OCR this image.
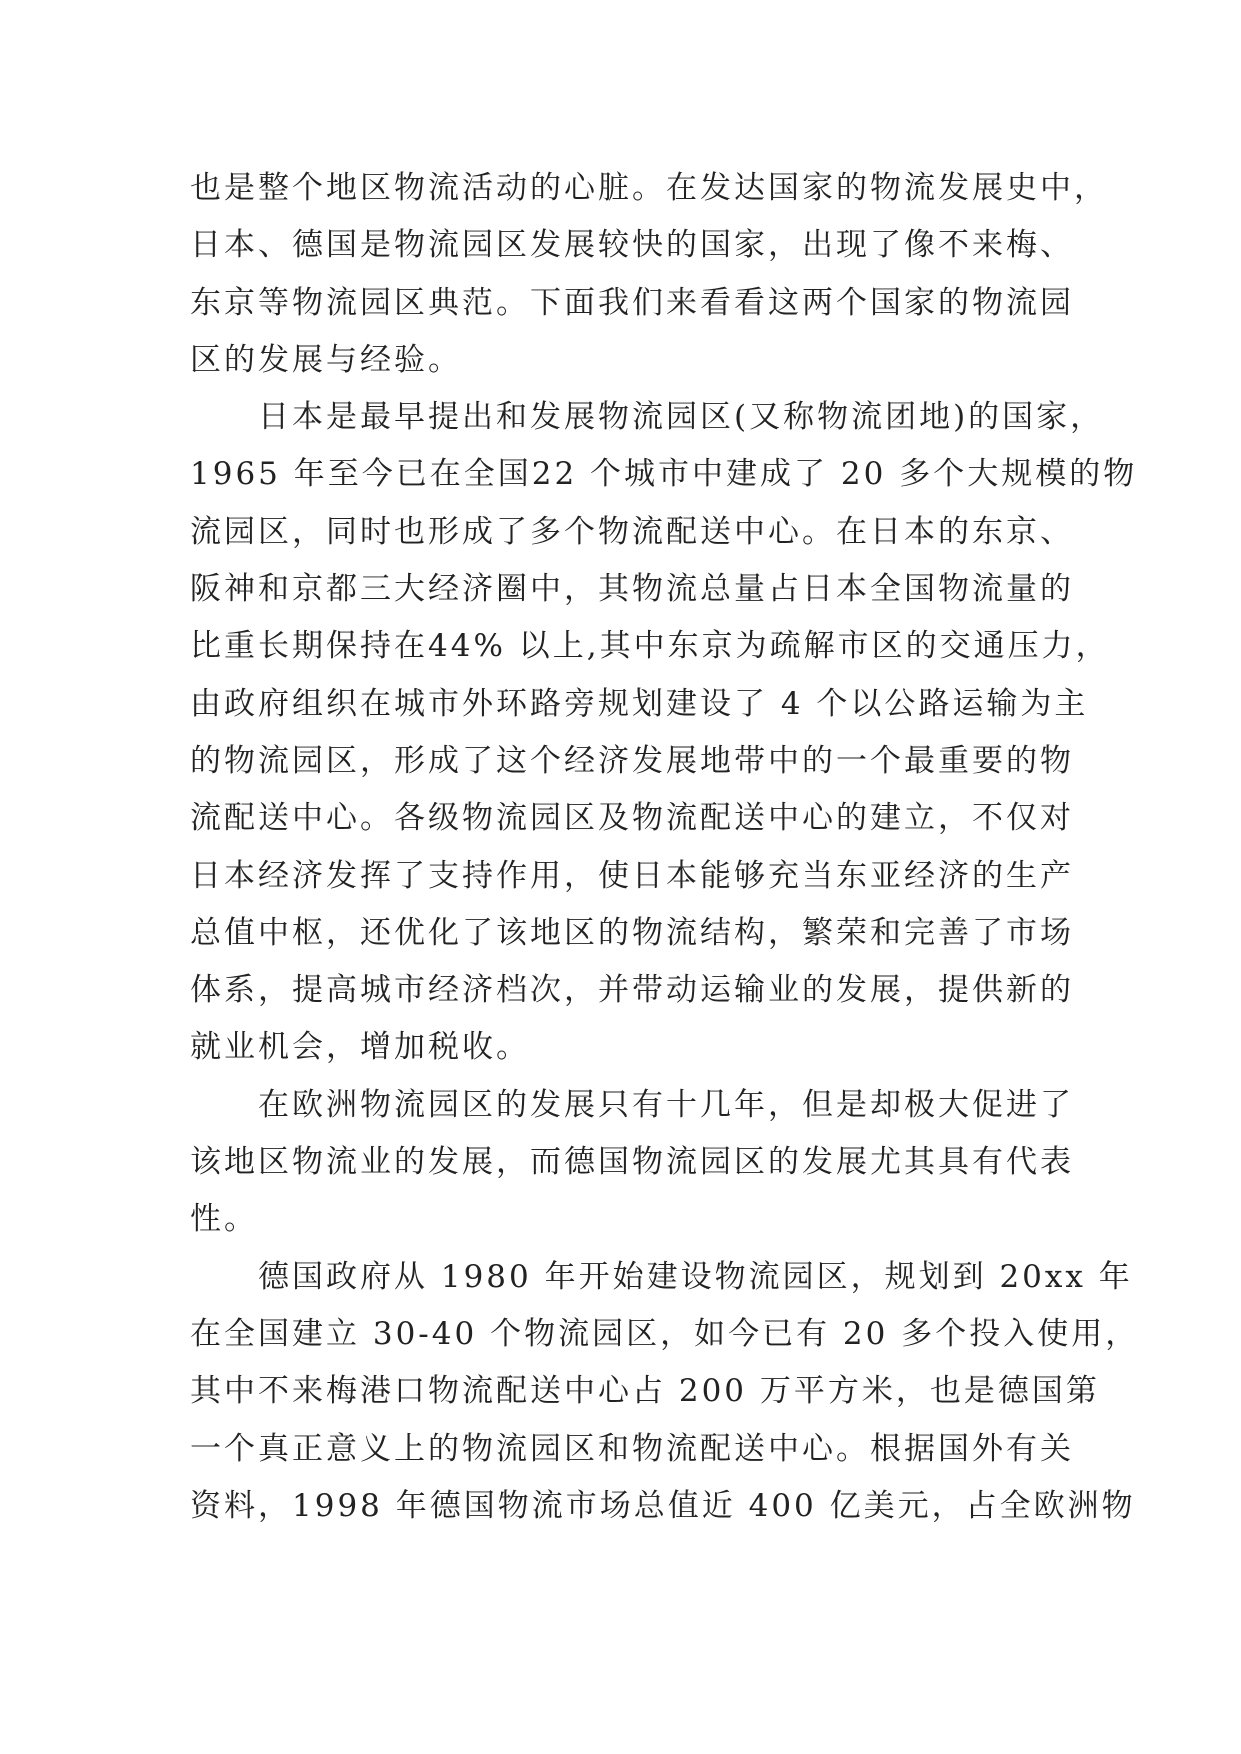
也是整个地区物流活动的心脏。在发达国家的物流发展史中，
日本、德国是物流园区发展较快的国家，出现了像不来梅、
东京等物流园区典范。下面我们来看看这两个国家的物流园
区的发展与经验。
　　日本是最早提出和发展物流园区(又称物流团地)的国家，
1965 年至今已在全国22 个城市中建成了 20 多个大规模的物
流园区，同时也形成了多个物流配送中心。在日本的东京、
阪神和京都三大经济圈中，其物流总量占日本全国物流量的
比重长期保持在44% 以上,其中东京为疏解市区的交通压力，
由政府组织在城市外环路旁规划建设了 4 个以公路运输为主
的物流园区，形成了这个经济发展地带中的一个最重要的物
流配送中心。各级物流园区及物流配送中心的建立，不仅对
日本经济发挥了支持作用，使日本能够充当东亚经济的生产
总值中枢，还优化了该地区的物流结构，繁荣和完善了市场
体系，提高城市经济档次，并带动运输业的发展，提供新的
就业机会，增加税收。
　　在欧洲物流园区的发展只有十几年，但是却极大促进了
该地区物流业的发展，而德国物流园区的发展尤其具有代表
性。
　　德国政府从 1980 年开始建设物流园区，规划到 20xx 年
在全国建立 30-40 个物流园区，如今已有 20 多个投入使用，
其中不来梅港口物流配送中心占 200 万平方米，也是德国第
一个真正意义上的物流园区和物流配送中心。根据国外有关
资料，1998 年德国物流市场总值近 400 亿美元，占全欧洲物
